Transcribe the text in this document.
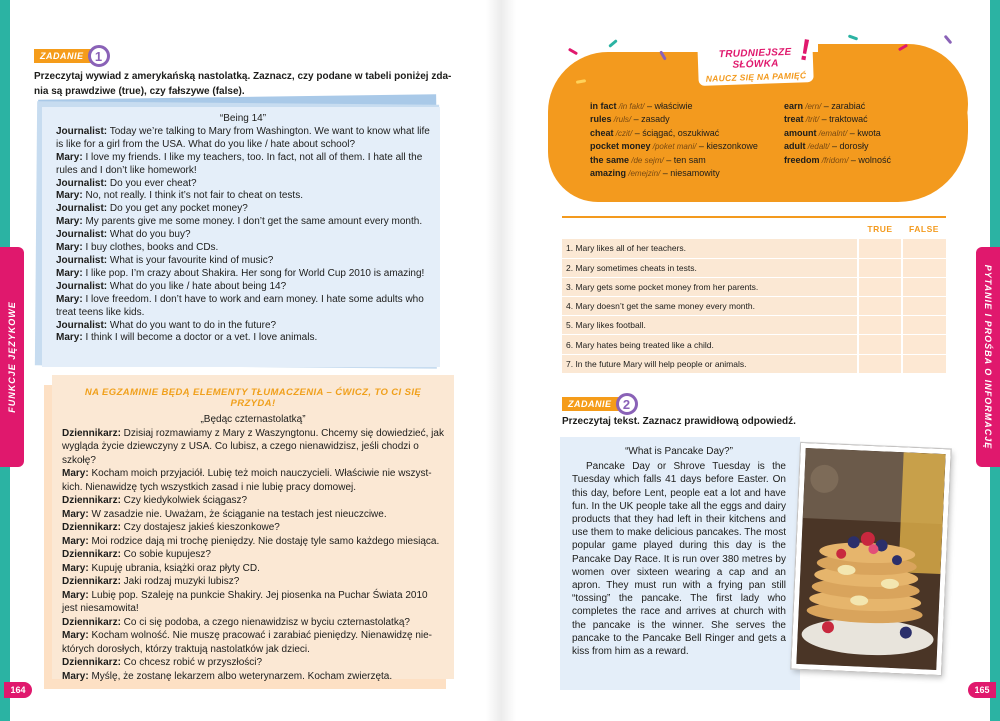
FUNKCJE JĘZYKOWE	PYTANIE I PROŚBA O INFORMACJĘ
164	165
ZADANIE 1
Przeczytaj wywiad z amerykańską nastolatką. Zaznacz, czy podane w tabeli poniżej zda-
nia są prawdziwe (true), czy fałszywe (false).
“Being 14”
Journalist: Today we’re talking to Mary from Washington. We want to know what life is like for a girl from the USA. What do you like / hate about school?
Mary: I love my friends. I like my teachers, too. In fact, not all of them. I hate all the rules and I don’t like homework!
Journalist: Do you ever cheat?
Mary: No, not really. I think it’s not fair to cheat on tests.
Journalist: Do you get any pocket money?
Mary: My parents give me some money. I don’t get the same amount every month.
Journalist: What do you buy?
Mary: I buy clothes, books and CDs.
Journalist: What is your favourite kind of music?
Mary: I like pop. I’m crazy about Shakira. Her song for World Cup 2010 is amazing!
Journalist: What do you like / hate about being 14?
Mary: I love freedom. I don’t have to work and earn money. I hate some adults who treat teens like kids.
Journalist: What do you want to do in the future?
Mary: I think I will become a doctor or a vet. I love animals.
NA EGZAMINIE BĘDĄ ELEMENTY TŁUMACZENIA – ĆWICZ, TO CI SIĘ PRZYDA!
„Będąc czternastolatką”
Dziennikarz: Dzisiaj rozmawiamy z Mary z Waszyngtonu. Chcemy się dowiedzieć, jak wygląda życie dziewczyny z USA. Co lubisz, a czego nienawidzisz, jeśli chodzi o szkołę?
Mary: Kocham moich przyjaciół. Lubię też moich nauczycieli. Właściwie nie wszystkich. Nienawidzę tych wszystkich zasad i nie lubię pracy domowej.
Dziennikarz: Czy kiedykolwiek ściągasz?
Mary: W zasadzie nie. Uważam, że ściąganie na testach jest nieuczciwe.
Dziennikarz: Czy dostajesz jakieś kieszonkowe?
Mary: Moi rodzice dają mi trochę pieniędzy. Nie dostaję tyle samo każdego miesiąca.
Dziennikarz: Co sobie kupujesz?
Mary: Kupuję ubrania, książki oraz płyty CD.
Dziennikarz: Jaki rodzaj muzyki lubisz?
Mary: Lubię pop. Szaleję na punkcie Shakiry. Jej piosenka na Puchar Świata 2010 jest niesamowita!
Dziennikarz: Co ci się podoba, a czego nienawidzisz w byciu czternastolatką?
Mary: Kocham wolność. Nie muszę pracować i zarabiać pieniędzy. Nienawidzę niektórych dorosłych, którzy traktują nastolatków jak dzieci.
Dziennikarz: Co chcesz robić w przyszłości?
Mary: Myślę, że zostanę lekarzem albo weterynarzem. Kocham zwierzęta.
TRUDNIEJSZE SŁÓWKA
NAUCZ SIĘ NA PAMIĘĆ
!
in fact /in fakt/ – właściwie
rules /ruls/ – zasady
cheat /czit/ – ściągać, oszukiwać
pocket money /poket mani/ – kieszonkowe
the same /de sejm/ – ten sam
amazing /emejzin/ – niesamowity
earn /ern/ – zarabiać
treat /trit/ – traktować
amount /emalnt/ – kwota
adult /edalt/ – dorosły
freedom /fridom/ – wolność
	TRUE	FALSE
1. Mary likes all of her teachers.		
2. Mary sometimes cheats in tests.		
3. Mary gets some pocket money from her parents.		
4. Mary doesn’t get the same money every month.		
5. Mary likes football.		
6. Mary hates being treated like a child.		
7. In the future Mary will help people or animals.		
ZADANIE 2
Przeczytaj tekst. Zaznacz prawidłową odpowiedź.
“What is Pancake Day?”

Pancake Day or Shrove Tuesday is the Tuesday which falls 41 days before Easter. On this day, before Lent, people eat a lot and have fun. In the UK people take all the eggs and dairy products that they had left in their kitchens and use them to make delicious pancakes. The most popular game played during this day is the Pancake Day Race. It is run over 380 metres by women over sixteen wearing a cap and an apron. They must run with a frying pan still “tossing” the pancake. The first lady who completes the race and arrives at church with the pancake is the winner. She serves the pancake to the Pancake Bell Ringer and gets a kiss from him as a reward.
